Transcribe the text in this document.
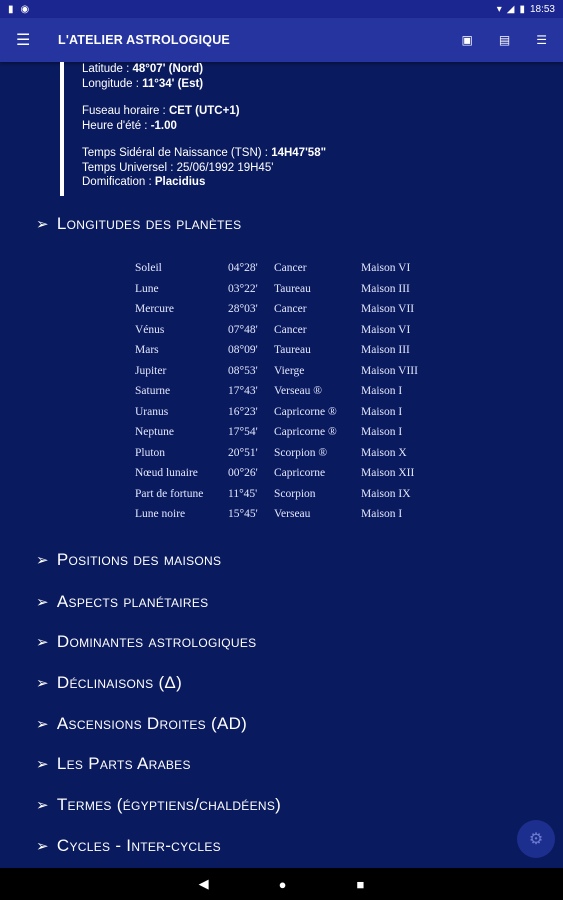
▮ ◉	▾ ◢ ▮ 18:53
☰	L'ATELIER ASTROLOGIQUE	▣ ▤ ☰
Latitude : 48°07' (Nord)
Longitude : 11°34' (Est)
Fuseau horaire : CET (UTC+1)
Heure d'été : -1.00
Temps Sidéral de Naissance (TSN) : 14H47'58"
Temps Universel : 25/06/1992 19H45'
Domification : Placidius
➢ Longitudes des planètes
Soleil	04°28'	Cancer	Maison VI
Lune	03°22'	Taureau	Maison III
Mercure	28°03'	Cancer	Maison VII
Vénus	07°48'	Cancer	Maison VI
Mars	08°09'	Taureau	Maison III
Jupiter	08°53'	Vierge	Maison VIII
Saturne	17°43'	Verseau ®	Maison I
Uranus	16°23'	Capricorne ®	Maison I
Neptune	17°54'	Capricorne ®	Maison I
Pluton	20°51'	Scorpion ®	Maison X
Nœud lunaire	00°26'	Capricorne	Maison XII
Part de fortune	11°45'	Scorpion	Maison IX
Lune noire	15°45'	Verseau	Maison I
➢ Positions des maisons
➢ Aspects planétaires
➢ Dominantes astrologiques
➢ Déclinaisons (Δ)
➢ Ascensions Droites (AD)
➢ Les Parts Arabes
➢ Termes (égyptiens/chaldéens)
➢ Cycles - Inter-cycles	⚙
◀	●	■
